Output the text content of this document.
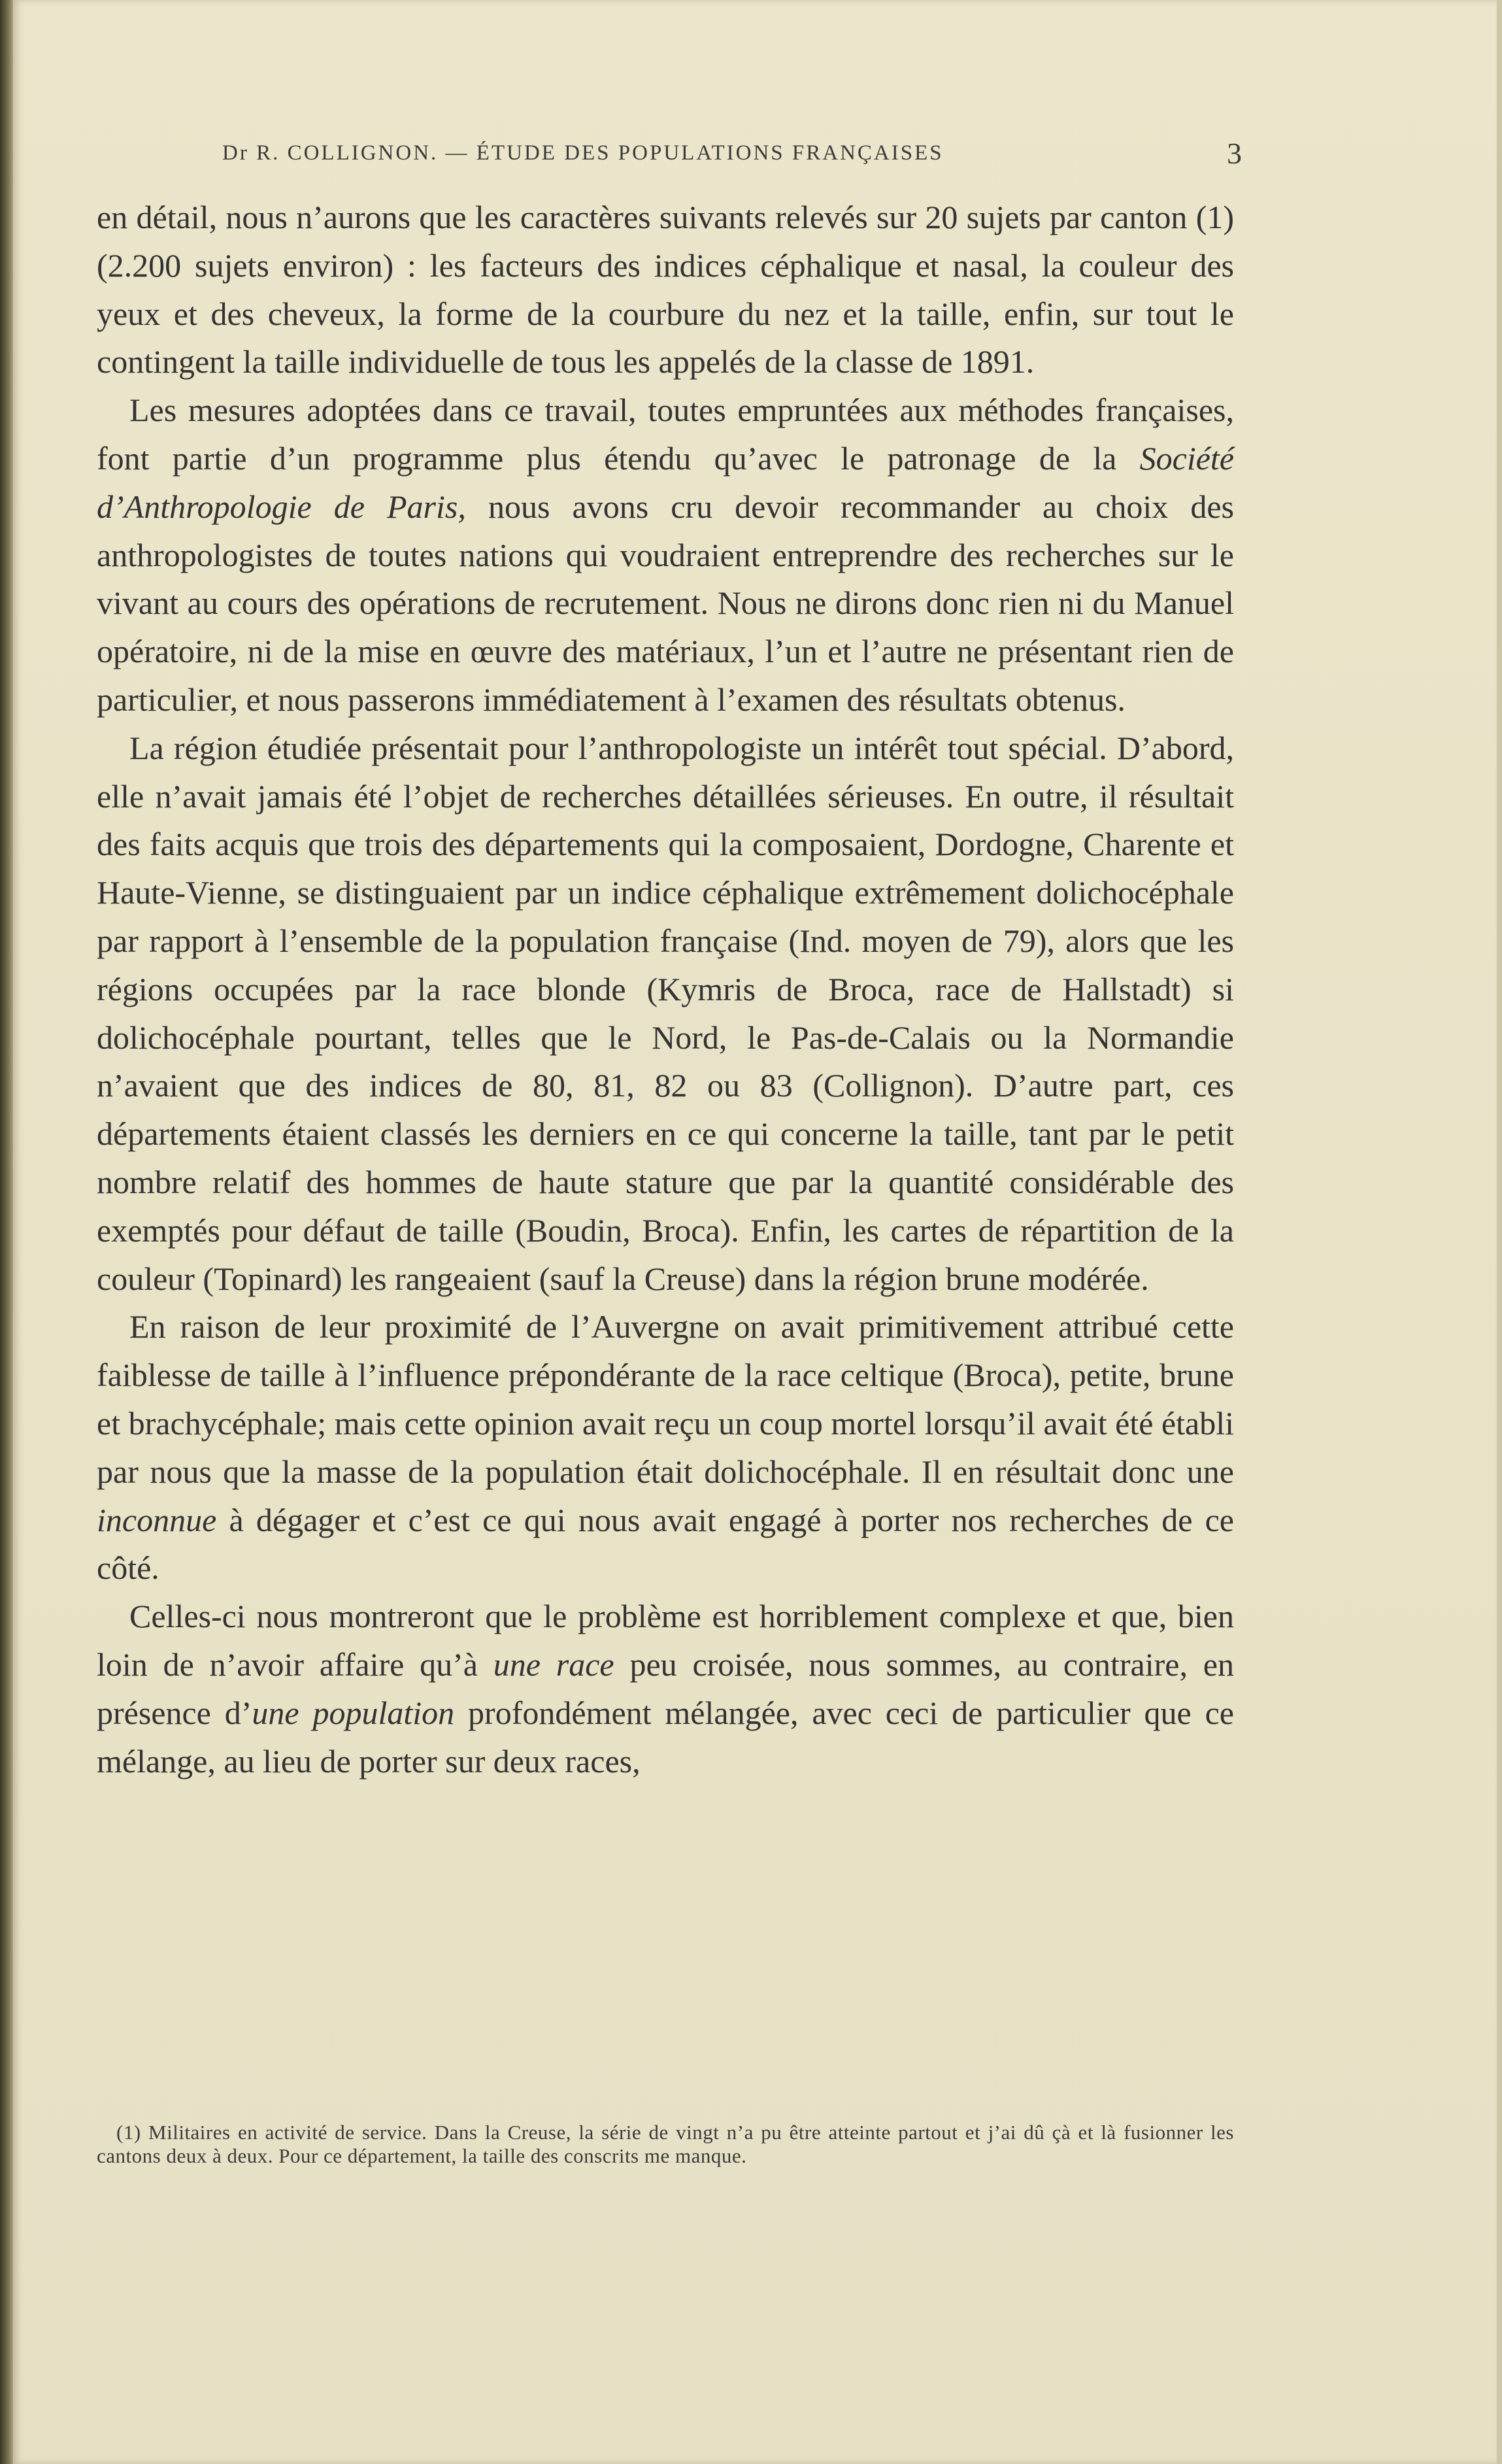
Dr R. COLLIGNON. — ÉTUDE DES POPULATIONS FRANÇAISES	3

en détail, nous n’aurons que les caractères suivants relevés sur 20 sujets par canton (1) (2.200 sujets environ) : les facteurs des indices céphalique et nasal, la couleur des yeux et des cheveux, la forme de la courbure du nez et la taille, enfin, sur tout le contingent la taille individuelle de tous les appelés de la classe de 1891.

Les mesures adoptées dans ce travail, toutes empruntées aux méthodes françaises, font partie d’un programme plus étendu qu’avec le patronage de la Société d’Anthropologie de Paris, nous avons cru devoir recommander au choix des anthropologistes de toutes nations qui voudraient entreprendre des recherches sur le vivant au cours des opérations de recrutement. Nous ne dirons donc rien ni du Manuel opératoire, ni de la mise en œuvre des matériaux, l’un et l’autre ne présentant rien de particulier, et nous passerons immédiatement à l’examen des résultats obtenus.

La région étudiée présentait pour l’anthropologiste un intérêt tout spécial. D’abord, elle n’avait jamais été l’objet de recherches détaillées sérieuses. En outre, il résultait des faits acquis que trois des départements qui la composaient, Dordogne, Charente et Haute-Vienne, se distinguaient par un indice céphalique extrêmement dolichocéphale par rapport à l’ensemble de la population française (Ind. moyen de 79), alors que les régions occupées par la race blonde (Kymris de Broca, race de Hallstadt) si dolichocéphale pourtant, telles que le Nord, le Pas-de-Calais ou la Normandie n’avaient que des indices de 80, 81, 82 ou 83 (Collignon). D’autre part, ces départements étaient classés les derniers en ce qui concerne la taille, tant par le petit nombre relatif des hommes de haute stature que par la quantité considérable des exemptés pour défaut de taille (Boudin, Broca). Enfin, les cartes de répartition de la couleur (Topinard) les rangeaient (sauf la Creuse) dans la région brune modérée.

En raison de leur proximité de l’Auvergne on avait primitivement attribué cette faiblesse de taille à l’influence prépondérante de la race celtique (Broca), petite, brune et brachycéphale; mais cette opinion avait reçu un coup mortel lorsqu’il avait été établi par nous que la masse de la population était dolichocéphale. Il en résultait donc une inconnue à dégager et c’est ce qui nous avait engagé à porter nos recherches de ce côté.

Celles-ci nous montreront que le problème est horriblement complexe et que, bien loin de n’avoir affaire qu’à une race peu croisée, nous sommes, au contraire, en présence d’une population profondément mélangée, avec ceci de particulier que ce mélange, au lieu de porter sur deux races,

(1) Militaires en activité de service. Dans la Creuse, la série de vingt n’a pu être atteinte partout et j’ai dû çà et là fusionner les cantons deux à deux. Pour ce département, la taille des conscrits me manque.
